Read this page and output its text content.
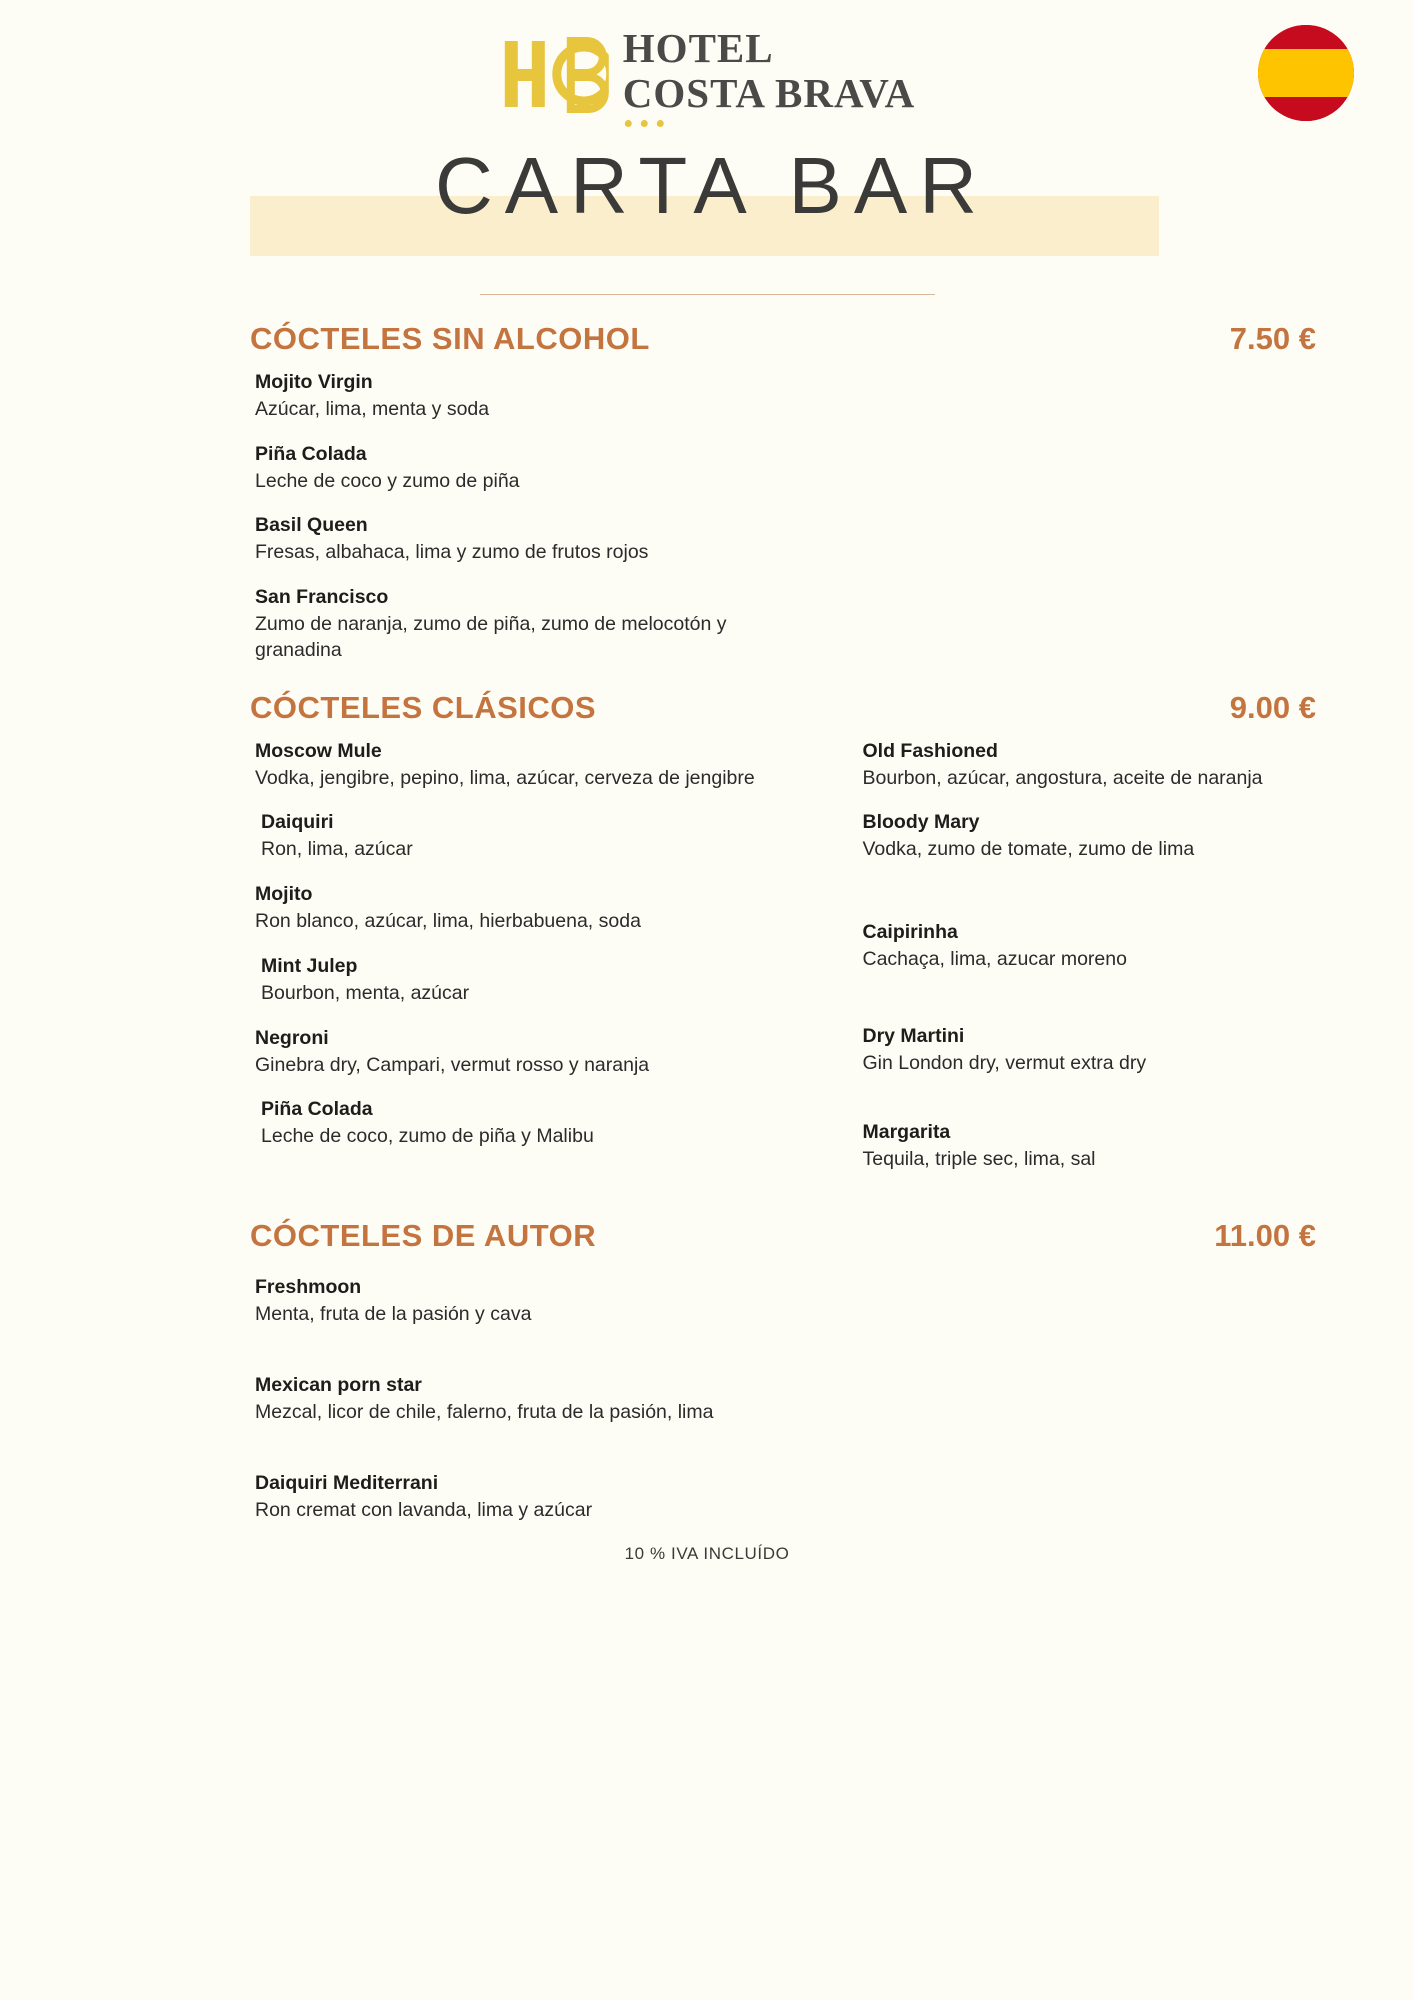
HOTEL
COSTA BRAVA
CARTA BAR
CÓCTELES SIN ALCOHOL	7.50 €
Mojito Virgin
Azúcar, lima, menta y soda
Piña Colada
Leche de coco y zumo de piña
Basil Queen
Fresas, albahaca, lima y zumo de frutos rojos
San Francisco
Zumo de naranja, zumo de piña, zumo de melocotón y granadina
CÓCTELES CLÁSICOS	9.00 €
Moscow Mule
Vodka, jengibre, pepino, lima, azúcar, cerveza de jengibre
Daiquiri
Ron, lima, azúcar
Mojito
Ron blanco, azúcar, lima, hierbabuena, soda
Mint Julep
Bourbon, menta, azúcar
Negroni
Ginebra dry, Campari, vermut rosso y naranja
Piña Colada
Leche de coco, zumo de piña y Malibu
Old Fashioned
Bourbon, azúcar, angostura, aceite de naranja
Bloody Mary
Vodka, zumo de tomate, zumo de lima
Caipirinha
Cachaça, lima, azucar moreno
Dry Martini
Gin London dry, vermut extra dry
Margarita
Tequila, triple sec, lima, sal
CÓCTELES DE AUTOR	11.00 €
Freshmoon
Menta, fruta de la pasión y cava
Mexican porn star
Mezcal, licor de chile, falerno, fruta de la pasión, lima
Daiquiri Mediterrani
Ron cremat con lavanda, lima y azúcar
10 % IVA INCLUÍDO
